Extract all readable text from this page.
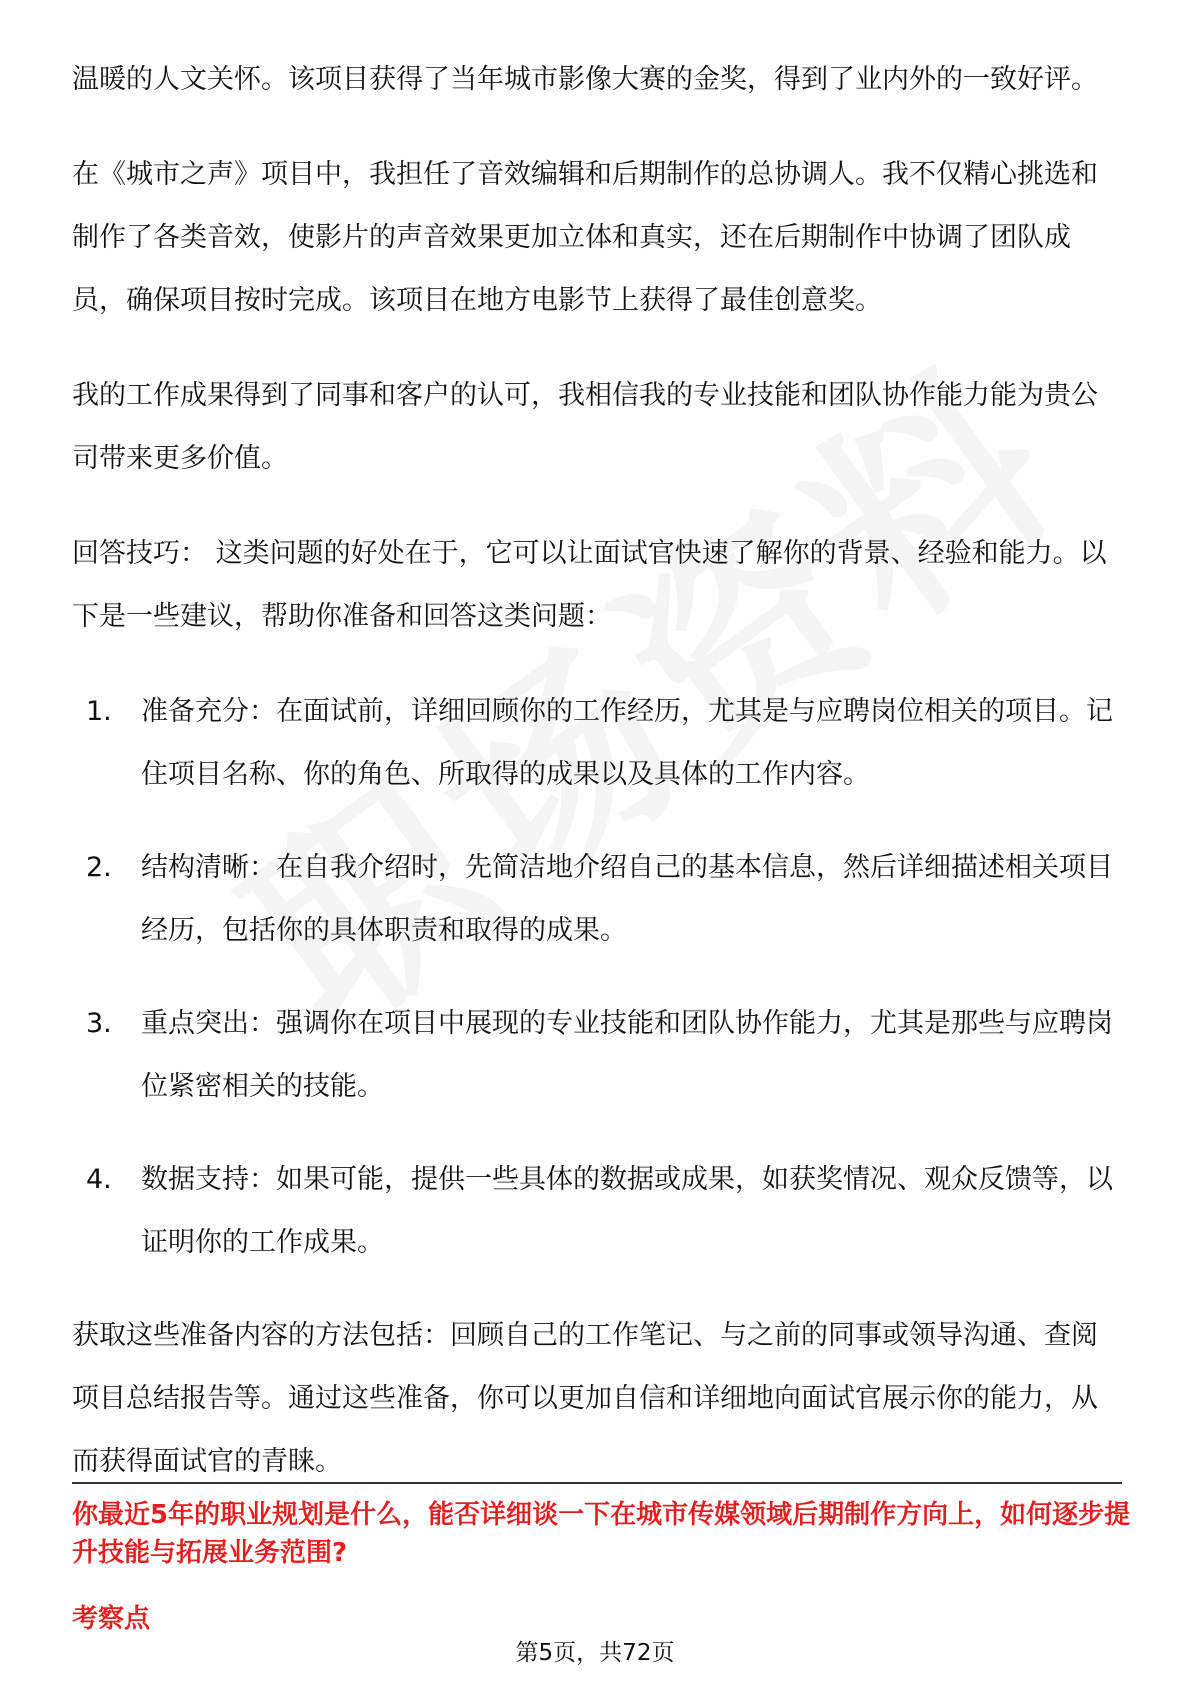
温暖的人文关怀。该项目获得了当年城市影像大赛的金奖，得到了业内外的一致好评。

在《城市之声》项目中，我担任了音效编辑和后期制作的总协调人。我不仅精心挑选和制作了各类音效，使影片的声音效果更加立体和真实，还在后期制作中协调了团队成员，确保项目按时完成。该项目在地方电影节上获得了最佳创意奖。

我的工作成果得到了同事和客户的认可，我相信我的专业技能和团队协作能力能为贵公司带来更多价值。

回答技巧： 这类问题的好处在于，它可以让面试官快速了解你的背景、经验和能力。以下是一些建议，帮助你准备和回答这类问题：

1. 准备充分：在面试前，详细回顾你的工作经历，尤其是与应聘岗位相关的项目。记住项目名称、你的角色、所取得的成果以及具体的工作内容。
2. 结构清晰：在自我介绍时，先简洁地介绍自己的基本信息，然后详细描述相关项目经历，包括你的具体职责和取得的成果。
3. 重点突出：强调你在项目中展现的专业技能和团队协作能力，尤其是那些与应聘岗位紧密相关的技能。
4. 数据支持：如果可能，提供一些具体的数据或成果，如获奖情况、观众反馈等，以证明你的工作成果。

获取这些准备内容的方法包括：回顾自己的工作笔记、与之前的同事或领导沟通、查阅项目总结报告等。通过这些准备，你可以更加自信和详细地向面试官展示你的能力，从而获得面试官的青睐。

你最近5年的职业规划是什么，能否详细谈一下在城市传媒领域后期制作方向上，如何逐步提升技能与拓展业务范围?
考察点
第5页，共72页
